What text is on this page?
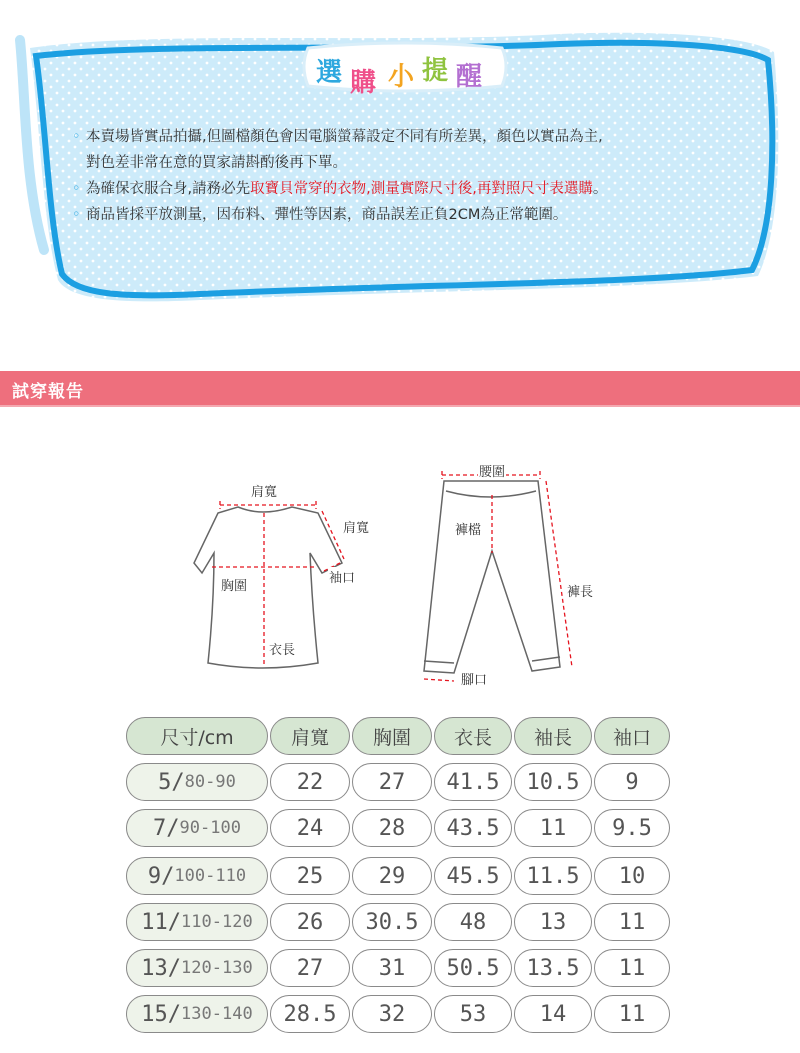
選 購 小 提 醒
◦ 本賣場皆實品拍攝,但圖檔顏色會因電腦螢幕設定不同有所差異，顏色以實品為主,
對色差非常在意的買家請斟酌後再下單。
◦ 為確保衣服合身,請務必先取寶貝常穿的衣物,測量實際尺寸後,再對照尺寸表選購。
◦ 商品皆採平放測量，因布料、彈性等因素，商品誤差正負2CM為正常範圍。
試穿報告
肩寬
肩寬
胸圍
袖口
衣長
腰圍
褲檔
褲長
腳口
尺寸/cm	肩寬	胸圍	衣長	袖長	袖口
5/ 80-90	22	27	41.5	10.5	9
7/ 90-100	24	28	43.5	11	9.5
9/ 100-110	25	29	45.5	11.5	10
11/ 110-120	26	30.5	48	13	11
13/ 120-130	27	31	50.5	13.5	11
15/ 130-140	28.5	32	53	14	11
